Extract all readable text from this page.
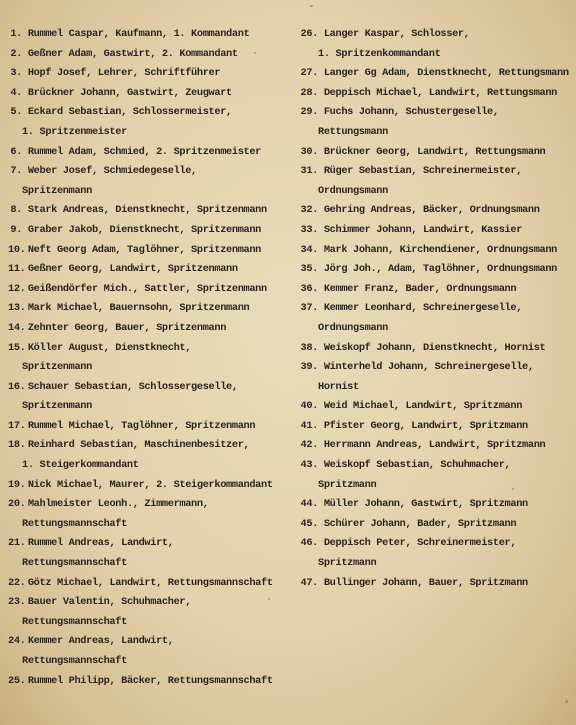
1. Rummel Caspar, Kaufmann, 1. Kommandant
2. Geßner Adam, Gastwirt, 2. Kommandant
3. Hopf Josef, Lehrer, Schriftführer
4. Brückner Johann, Gastwirt, Zeugwart
5. Eckard Sebastian, Schlossermeister,
1. Spritzenmeister
6. Rummel Adam, Schmied, 2. Spritzenmeister
7. Weber Josef, Schmiedegeselle,
Spritzenmann
8. Stark Andreas, Dienstknecht, Spritzenmann
9. Graber Jakob, Dienstknecht, Spritzenmann
10. Neft Georg Adam, Taglöhner, Spritzenmann
11. Geßner Georg, Landwirt, Spritzenmann
12. Geißendörfer Mich., Sattler, Spritzenmann
13. Mark Michael, Bauernsohn, Spritzenmann
14. Zehnter Georg, Bauer, Spritzenmann
15. Köller August, Dienstknecht,
Spritzenmann
16. Schauer Sebastian, Schlossergeselle,
Spritzenmann
17. Rummel Michael, Taglöhner, Spritzenmann
18. Reinhard Sebastian, Maschinenbesitzer,
1. Steigerkommandant
19. Nick Michael, Maurer, 2. Steigerkommandant
20. Mahlmeister Leonh., Zimmermann,
Rettungsmannschaft
21. Rummel Andreas, Landwirt,
Rettungsmannschaft
22. Götz Michael, Landwirt, Rettungsmannschaft
23. Bauer Valentin, Schuhmacher,
Rettungsmannschaft
24. Kemmer Andreas, Landwirt,
Rettungsmannschaft
25. Rummel Philipp, Bäcker, Rettungsmannschaft
26. Langer Kaspar, Schlosser,
1. Spritzenkommandant
27. Langer Gg Adam, Dienstknecht, Rettungsmann
28. Deppisch Michael, Landwirt, Rettungsmann
29. Fuchs Johann, Schustergeselle,
Rettungsmann
30. Brückner Georg, Landwirt, Rettungsmann
31. Rüger Sebastian, Schreinermeister,
Ordnungsmann
32. Gehring Andreas, Bäcker, Ordnungsmann
33. Schimmer Johann, Landwirt, Kassier
34. Mark Johann, Kirchendiener, Ordnungsmann
35. Jörg Joh., Adam, Taglöhner, Ordnungsmann
36. Kemmer Franz, Bader, Ordnungsmann
37. Kemmer Leonhard, Schreinergeselle,
Ordnungsmann
38. Weiskopf Johann, Dienstknecht, Hornist
39. Winterheld Johann, Schreinergeselle,
Hornist
40. Weid Michael, Landwirt, Spritzmann
41. Pfister Georg, Landwirt, Spritzmann
42. Herrmann Andreas, Landwirt, Spritzmann
43. Weiskopf Sebastian, Schuhmacher,
Spritzmann
44. Müller Johann, Gastwirt, Spritzmann
45. Schürer Johann, Bader, Spritzmann
46. Deppisch Peter, Schreinermeister,
Spritzmann
47. Bullinger Johann, Bauer, Spritzmann
